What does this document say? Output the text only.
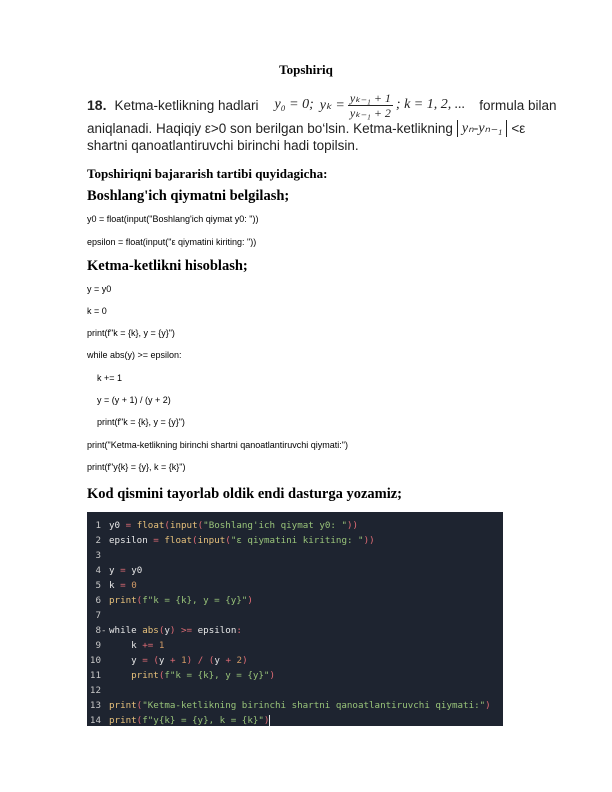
Topshiriq
18. Ketma-ketlikning hadlari y₀ = 0; $y_k = \frac{\text{yₖ₋₁ + 1}}{\text{yₖ₋₁ + 2}}$ ; k = 1, 2, ... formula bilan
aniqlanadi. Haqiqiy ε>0 son berilgan bo‘lsin. Ketma-ketlikning yₙ-yₙ₋₁ <ε
shartni qanoatlantiruvchi birinchi hadi topilsin.
Topshiriqni bajararish tartibi quyidagicha:
Boshlang'ich qiymatni belgilash;
y0 = float(input("Boshlang'ich qiymat y0: "))
epsilon = float(input("ε qiymatini kiriting: "))
Ketma-ketlikni hisoblash;
y = y0
k = 0
print(f"k = {k}, y = {y}")
while abs(y) >= epsilon:
k += 1
y = (y + 1) / (y + 2)
print(f"k = {k}, y = {y}")
print("Ketma-ketlikning birinchi shartni qanoatlantiruvchi qiymati:")
print(f"y{k} = {y}, k = {k}")
Kod qismini tayorlab oldik endi dasturga yozamiz;
1 y0 = float(input("Boshlang'ich qiymat y0: "))
2 epsilon = float(input("ε qiymatini kiriting: "))
3
4 y = y0
5 k = 0
6 print(f"k = {k}, y = {y}")
7
8- while abs(y) >= epsilon:
9	k += 1
10	y = (y + 1) / (y + 2)
11	print(f"k = {k}, y = {y}")
12
13 print("Ketma-ketlikning birinchi shartni qanoatlantiruvchi qiymati:")
14 print(f"y{k} = {y}, k = {k}")
